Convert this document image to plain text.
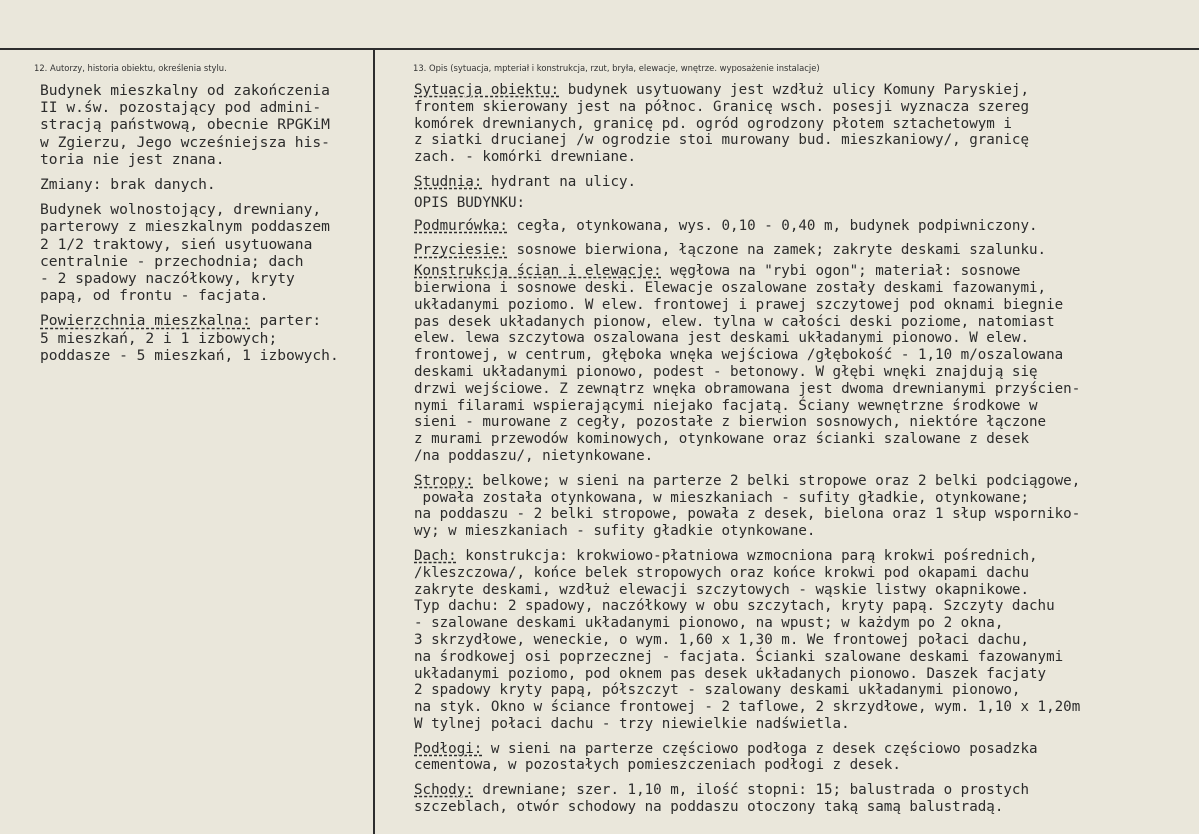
12. Autorzy, historia obiektu, określenia stylu.	13. Opis (sytuacja, mpteriał i konstrukcja, rzut, bryła, elewacje, wnętrze. wyposażenie instalacje)

Budynek mieszkalny od zakończenia
II w.św. pozostający pod admini-
stracją państwową, obecnie RPGKiM
w Zgierzu, Jego wcześniejsza his-
toria nie jest znana.

Zmiany: brak danych.

Budynek wolnostojący, drewniany,
parterowy z mieszkalnym poddaszem
2 1/2 traktowy, sień usytuowana
centralnie - przechodnia; dach
- 2 spadowy naczółkowy, kryty
papą, od frontu - facjata.

Powierzchnia mieszkalna: parter:
5 mieszkań, 2 i 1 izbowych;
poddasze - 5 mieszkań, 1 izbowych.

Sytuacja obiektu: budynek usytuowany jest wzdłuż ulicy Komuny Paryskiej,
frontem skierowany jest na północ. Granicę wsch. posesji wyznacza szereg
komórek drewnianych, granicę pd. ogród ogrodzony płotem sztachetowym i
z siatki drucianej /w ogrodzie stoi murowany bud. mieszkaniowy/, granicę
zach. - komórki drewniane.

Studnia: hydrant na ulicy.

OPIS BUDYNKU:

Podmurówka: cegła, otynkowana, wys. 0,10 - 0,40 m, budynek podpiwniczony.

Przyciesie: sosnowe bierwiona, łączone na zamek; zakryte deskami szalunku.

Konstrukcja ścian i elewacje: węgłowa na "rybi ogon"; materiał: sosnowe
bierwiona i sosnowe deski. Elewacje oszalowane zostały deskami fazowanymi,
układanymi poziomo. W elew. frontowej i prawej szczytowej pod oknami biegnie
pas desek układanych pionow, elew. tylna w całości deski poziome, natomiast
elew. lewa szczytowa oszalowana jest deskami układanymi pionowo. W elew.
frontowej, w centrum, głęboka wnęka wejściowa /głębokość - 1,10 m/oszalowana
deskami układanymi pionowo, podest - betonowy. W głębi wnęki znajdują się
drzwi wejściowe. Z zewnątrz wnęka obramowana jest dwoma drewnianymi przyścien-
nymi filarami wspierającymi niejako facjatą. Ściany wewnętrzne środkowe w
sieni - murowane z cegły, pozostałe z bierwion sosnowych, niektóre łączone
z murami przewodów kominowych, otynkowane oraz ścianki szalowane z desek
/na poddaszu/, nietynkowane.

Stropy: belkowe; w sieni na parterze 2 belki stropowe oraz 2 belki podciągowe,
powała została otynkowana, w mieszkaniach - sufity gładkie, otynkowane;
na poddaszu - 2 belki stropowe, powała z desek, bielona oraz 1 słup wsporniko-
wy; w mieszkaniach - sufity gładkie otynkowane.

Dach: konstrukcja: krokwiowo-płatniowa wzmocniona parą krokwi pośrednich,
/kleszczowa/, końce belek stropowych oraz końce krokwi pod okapami dachu
zakryte deskami, wzdłuż elewacji szczytowych - wąskie listwy okapnikowe.
Typ dachu: 2 spadowy, naczółkowy w obu szczytach, kryty papą. Szczyty dachu
- szalowane deskami układanymi pionowo, na wpust; w każdym po 2 okna,
3 skrzydłowe, weneckie, o wym. 1,60 x 1,30 m. We frontowej połaci dachu,
na środkowej osi poprzecznej - facjata. Ścianki szalowane deskami fazowanymi
układanymi poziomo, pod oknem pas desek układanych pionowo. Daszek facjaty
2 spadowy kryty papą, półszczyt - szalowany deskami układanymi pionowo,
na styk. Okno w ściance frontowej - 2 taflowe, 2 skrzydłowe, wym. 1,10 x 1,20m
W tylnej połaci dachu - trzy niewielkie nadświetla.

Podłogi: w sieni na parterze częściowo podłoga z desek częściowo posadzka
cementowa, w pozostałych pomieszczeniach podłogi z desek.

Schody: drewniane; szer. 1,10 m, ilość stopni: 15; balustrada o prostych
szczeblach, otwór schodowy na poddaszu otoczony taką samą balustradą.
